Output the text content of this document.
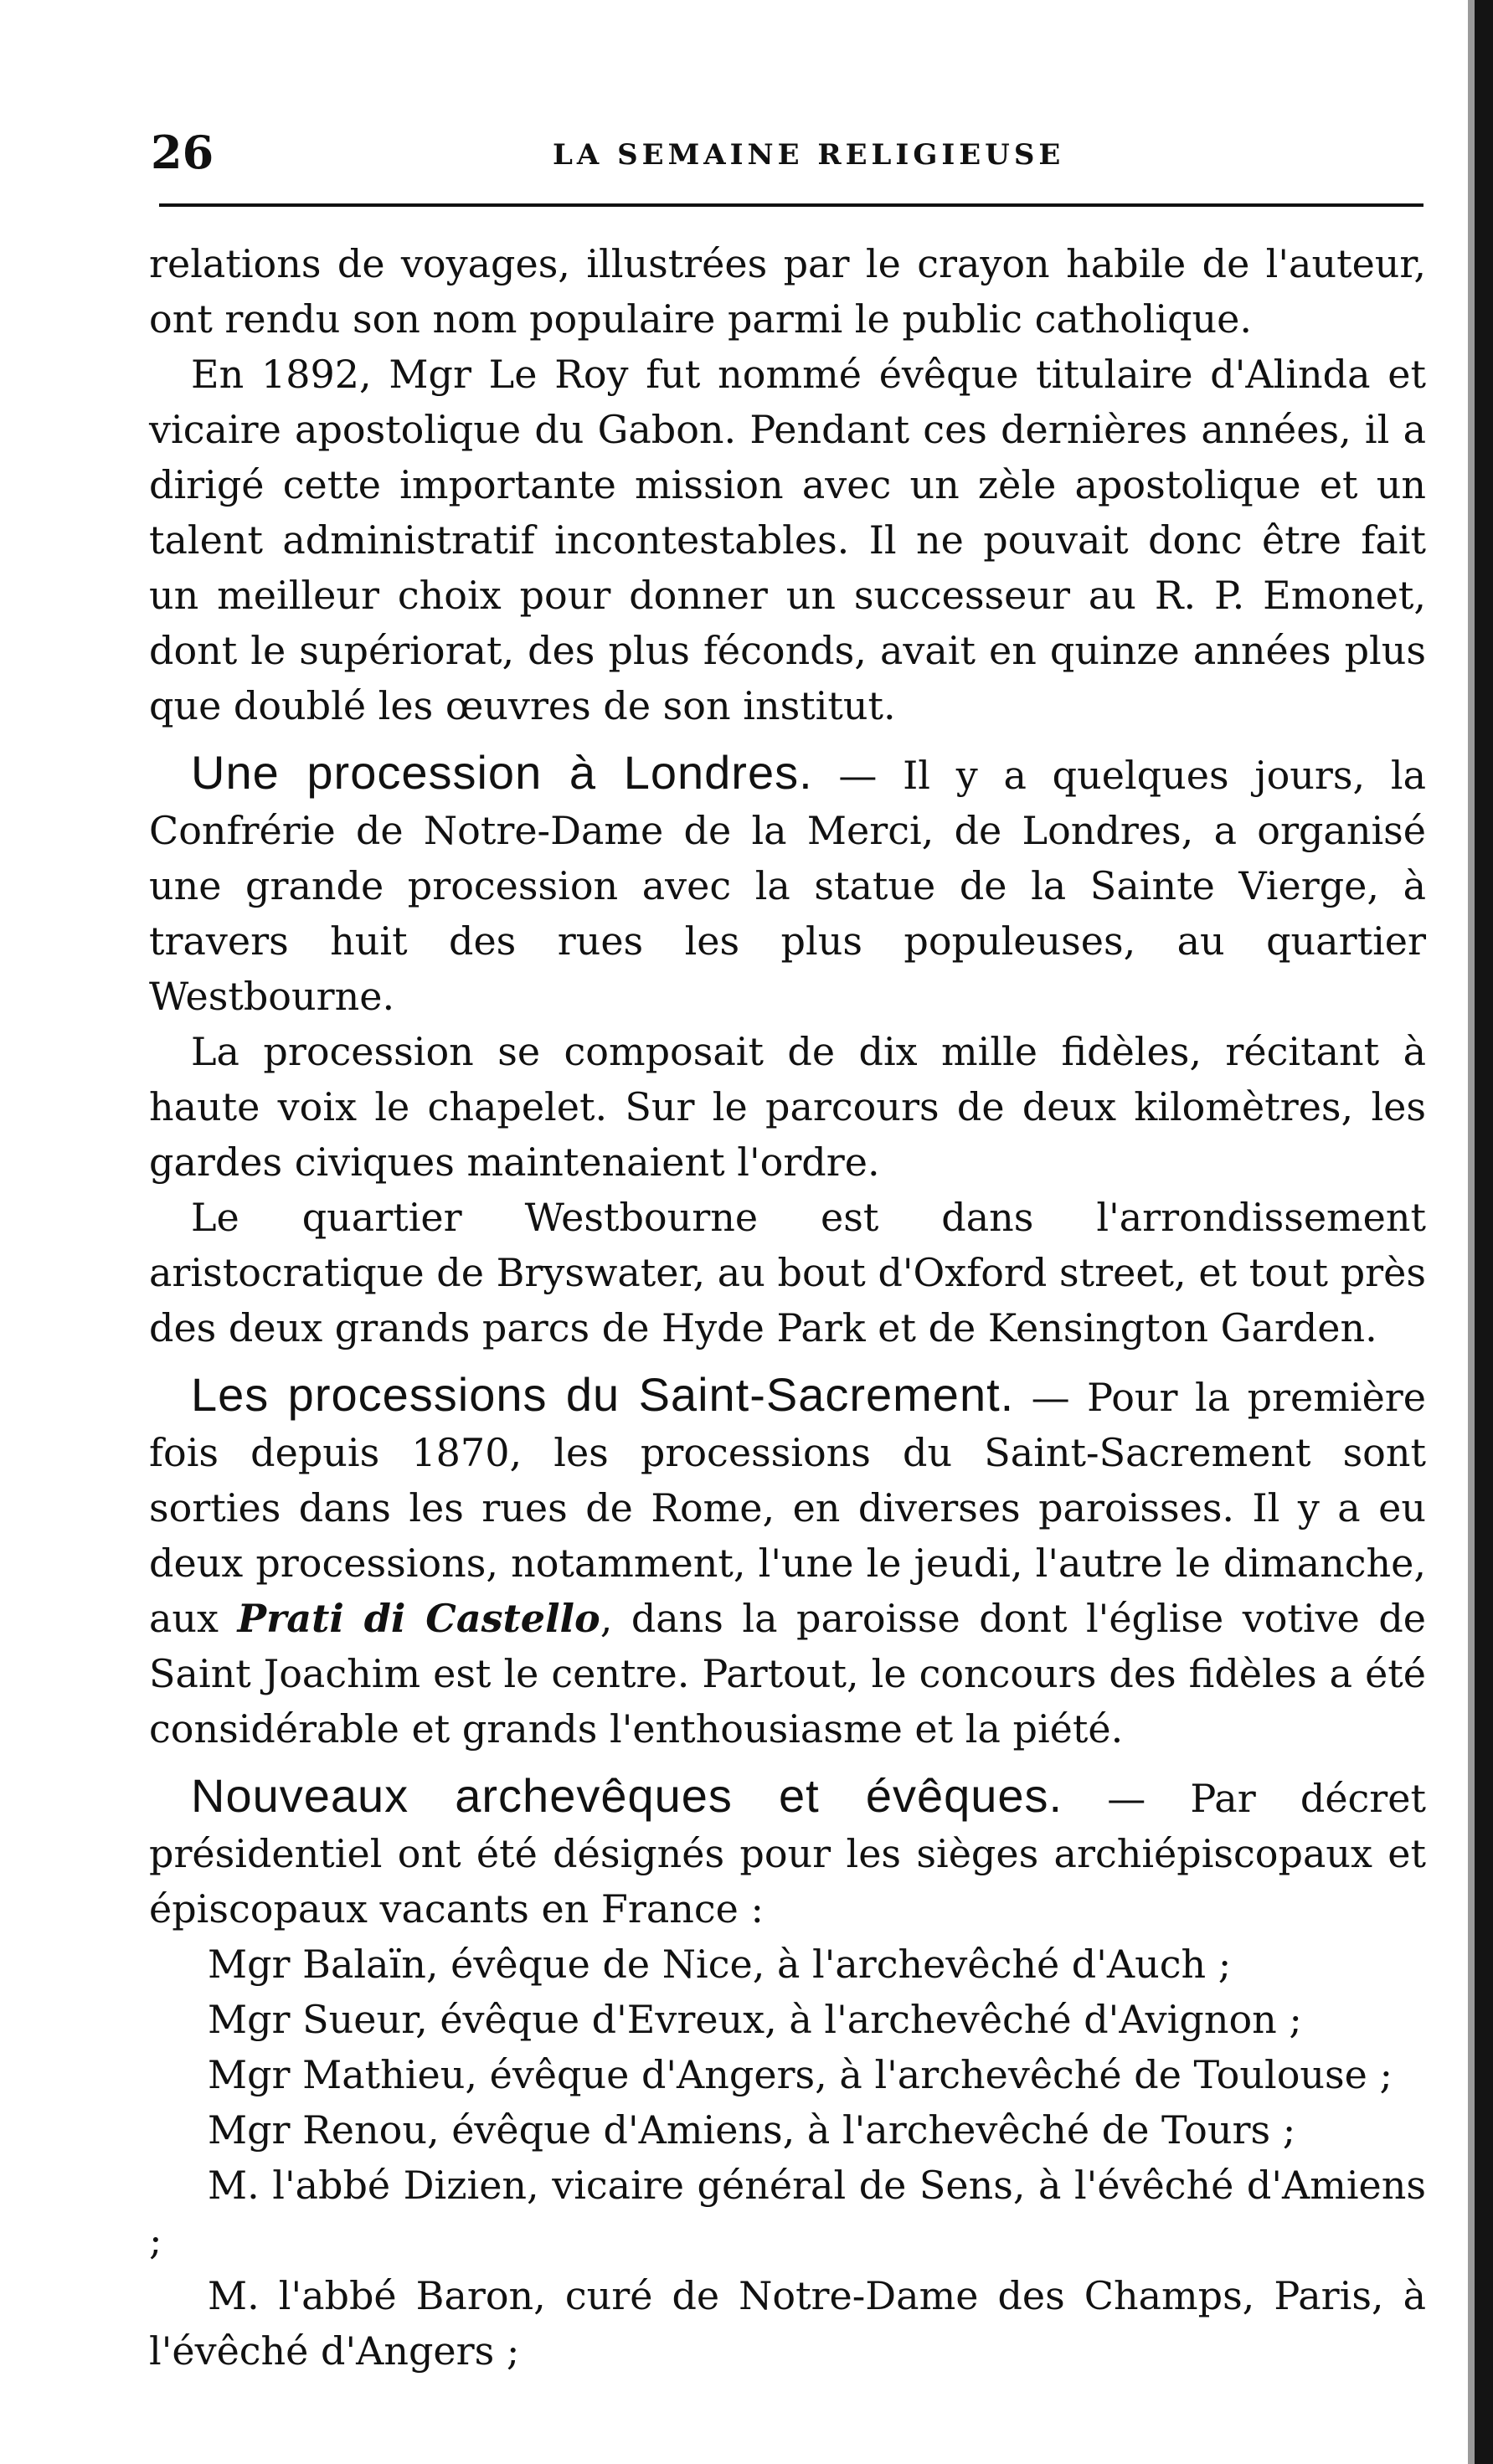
26	LA SEMAINE RELIGIEUSE

relations de voyages, illustrées par le crayon habile de l'auteur, ont rendu son nom populaire parmi le public catholique.

En 1892, Mgr Le Roy fut nommé évêque titulaire d'Alinda et vicaire apostolique du Gabon. Pendant ces dernières années, il a dirigé cette importante mission avec un zèle apostolique et un talent administratif incontestables. Il ne pouvait donc être fait un meilleur choix pour donner un successeur au R. P. Emonet, dont le supériorat, des plus féconds, avait en quinze années plus que doublé les œuvres de son institut.

Une procession à Londres. — Il y a quelques jours, la Confrérie de Notre-Dame de la Merci, de Londres, a organisé une grande procession avec la statue de la Sainte Vierge, à travers huit des rues les plus populeuses, au quartier Westbourne.

La procession se composait de dix mille fidèles, récitant à haute voix le chapelet. Sur le parcours de deux kilomètres, les gardes civiques maintenaient l'ordre.

Le quartier Westbourne est dans l'arrondissement aristocratique de Bryswater, au bout d'Oxford street, et tout près des deux grands parcs de Hyde Park et de Kensington Garden.

Les processions du Saint-Sacrement. — Pour la première fois depuis 1870, les processions du Saint-Sacrement sont sorties dans les rues de Rome, en diverses paroisses. Il y a eu deux processions, notamment, l'une le jeudi, l'autre le dimanche, aux Prati di Castello, dans la paroisse dont l'église votive de Saint Joachim est le centre. Partout, le concours des fidèles a été considérable et grands l'enthousiasme et la piété.

Nouveaux archevêques et évêques. — Par décret présidentiel ont été désignés pour les sièges archiépiscopaux et épiscopaux vacants en France :

Mgr Balaïn, évêque de Nice, à l'archevêché d'Auch ;

Mgr Sueur, évêque d'Evreux, à l'archevêché d'Avignon ;

Mgr Mathieu, évêque d'Angers, à l'archevêché de Toulouse ;

Mgr Renou, évêque d'Amiens, à l'archevêché de Tours ;

M. l'abbé Dizien, vicaire général de Sens, à l'évêché d'Amiens ;

M. l'abbé Baron, curé de Notre-Dame des Champs, Paris, à l'évêché d'Angers ;
